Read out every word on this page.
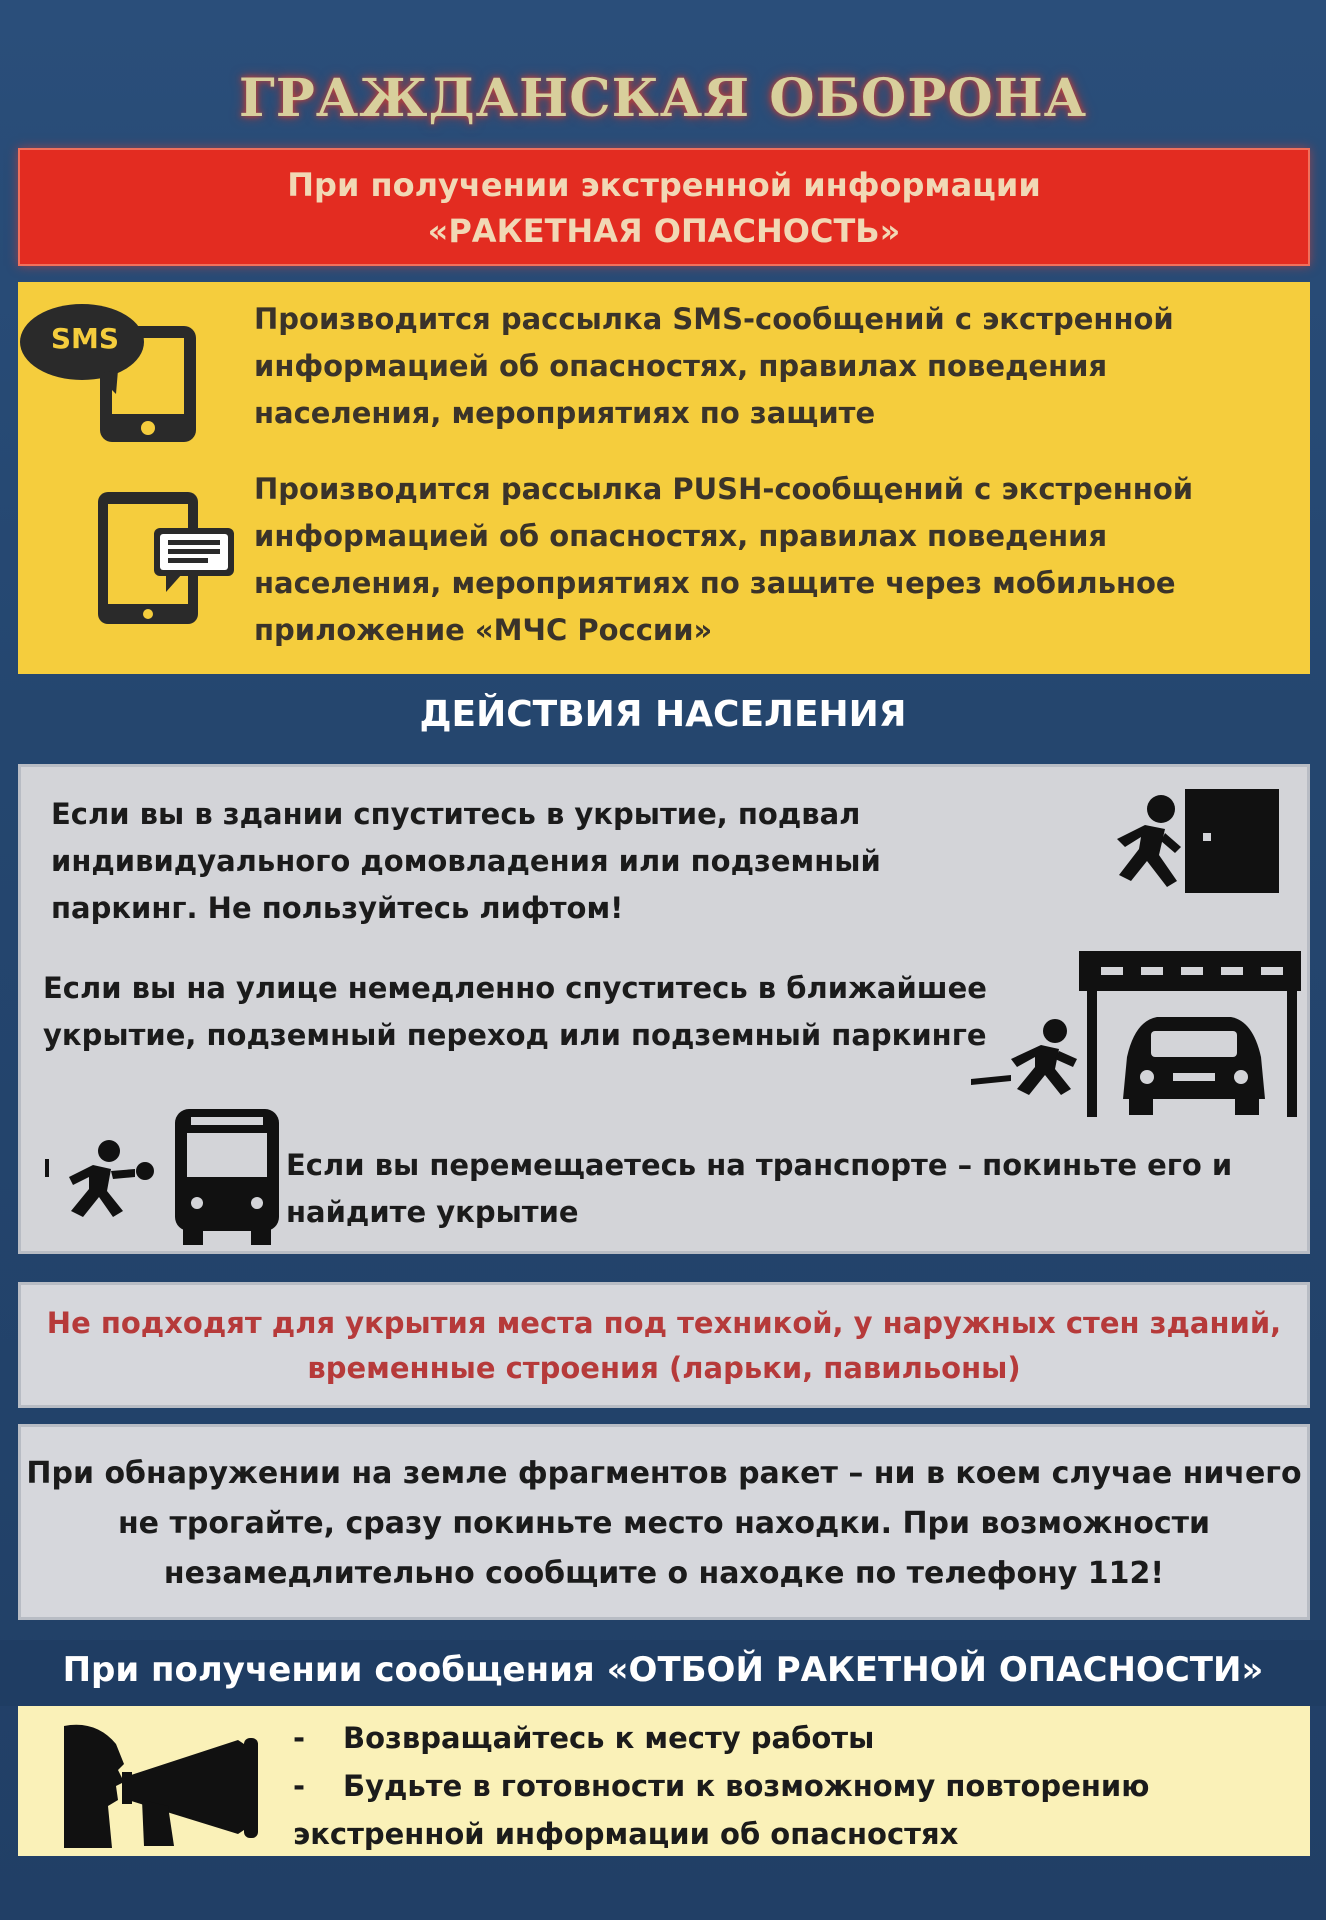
ГРАЖДАНСКАЯ ОБОРОНА
При получении экстренной информации
«РАКЕТНАЯ ОПАСНОСТЬ»
SMS
Производится рассылка SMS-сообщений с экстренной информацией об опасностях, правилах поведения населения, мероприятиях по защите
Производится рассылка PUSH-сообщений с экстренной информацией об опасностях, правилах поведения населения, мероприятиях по защите через мобильное приложение «МЧС России»
ДЕЙСТВИЯ НАСЕЛЕНИЯ
Если вы в здании спуститесь в укрытие, подвал индивидуального домовладения или подземный паркинг. Не пользуйтесь лифтом!
Если вы на улице немедленно спуститесь в ближайшее укрытие, подземный переход или подземный паркинге
Если вы перемещаетесь на транспорте – покиньте его и найдите укрытие
Не подходят для укрытия места под техникой, у наружных стен зданий, временные строения (ларьки, павильоны)
При обнаружении на земле фрагментов ракет – ни в коем случае ничего не трогайте, сразу покиньте место находки. При возможности незамедлительно сообщите о находке по телефону 112!
При получении сообщения «ОТБОЙ РАКЕТНОЙ ОПАСНОСТИ»
-	Возвращайтесь к месту работы
-	Будьте в готовности к возможному повторению
экстренной информации об опасностях
